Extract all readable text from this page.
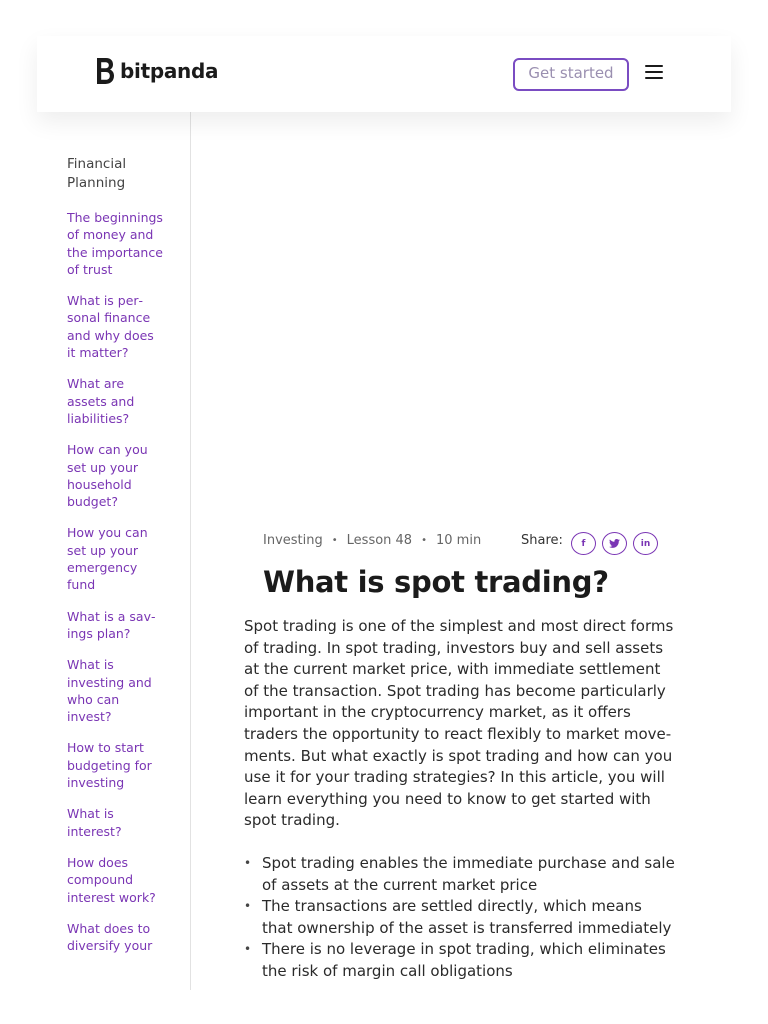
bitpanda	Get started
Financial Planning
The beginnings of money and the importance of trust
What is personal finance and why does it matter?
What are assets and liabilities?
How can you set up your household budget?
How you can set up your emergency fund
What is a savings plan?
What is investing and who can invest?
How to start budgeting for investing
What is interest?
How does compound interest work?
What does to diversify your
Investing • Lesson 48 • 10 min	Share:	f	in
What is spot trading?

Spot trading is one of the simplest and most direct forms of trading. In spot trading, investors buy and sell assets at the current market price, with immediate settlement of the transaction. Spot trading has become particularly important in the cryptocurrency market, as it offers traders the opportunity to react flexibly to market movements. But what exactly is spot trading and how can you use it for your trading strategies? In this article, you will learn everything you need to know to get started with spot trading.

• Spot trading enables the immediate purchase and sale of assets at the current market price
• The transactions are settled directly, which means that ownership of the asset is transferred immediately
• There is no leverage in spot trading, which eliminates the risk of margin call obligations
